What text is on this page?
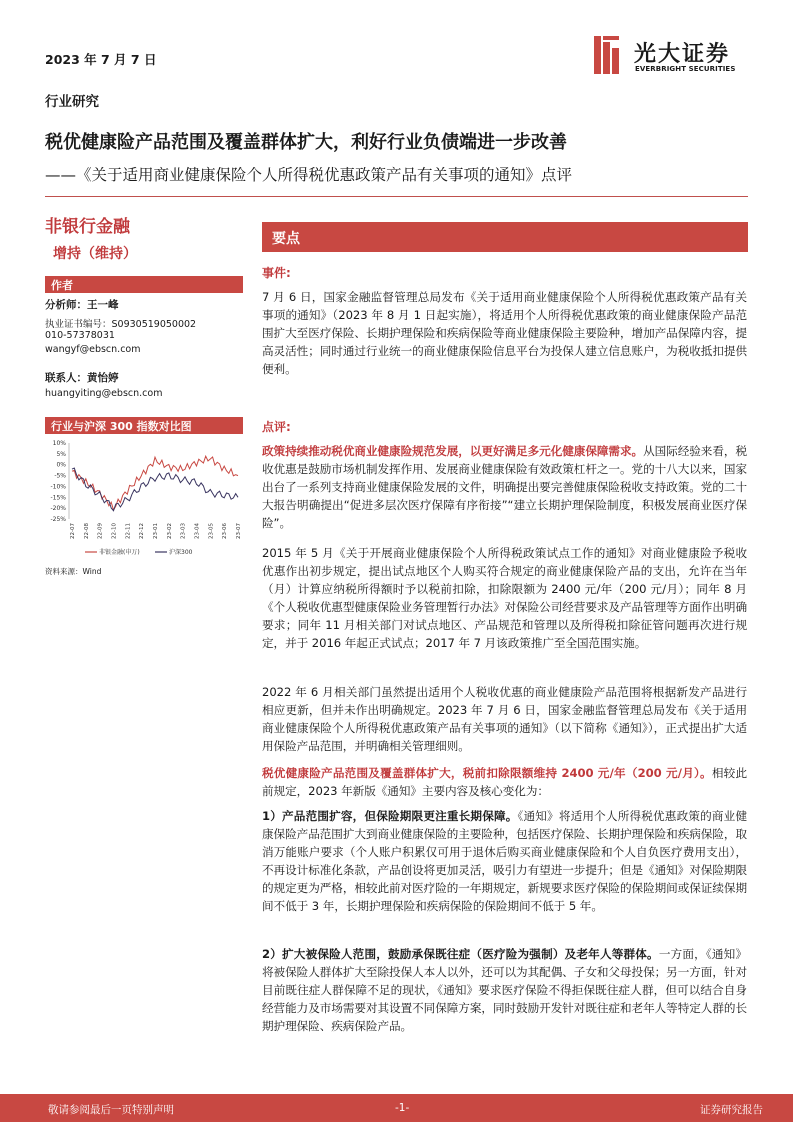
2023 年 7 月 7 日	光大证券
EVERBRIGHT SECURITIES
行业研究
税优健康险产品范围及覆盖群体扩大，利好行业负债端进一步改善
——《关于适用商业健康保险个人所得税优惠政策产品有关事项的通知》点评
非银行金融
增持（维持）
作者
分析师：王一峰
执业证书编号：S0930519050002
010-57378031
wangyf@ebscn.com
联系人：黄怡婷
huangyiting@ebscn.com
行业与沪深 300 指数对比图
10%
5%
0%
-5%
-10%
-15%
-20%
-25%
22-07 22-08 22-09 22-10 22-11 22-12 23-01 23-02 23-03 23-04 23-05 23-06 23-07
非银金融(申万)	沪深300
资料来源：Wind
要点
事件:
7 月 6 日，国家金融监督管理总局发布《关于适用商业健康保险个人所得税优惠政策产品有关事项的通知》（2023 年 8 月 1 日起实施），将适用个人所得税优惠政策的商业健康保险产品范围扩大至医疗保险、长期护理保险和疾病保险等商业健康保险主要险种，增加产品保障内容，提高灵活性；同时通过行业统一的商业健康保险信息平台为投保人建立信息账户，为税收抵扣提供便利。
点评:
政策持续推动税优商业健康险规范发展，以更好满足多元化健康保障需求。从国际经验来看，税收优惠是鼓励市场机制发挥作用、发展商业健康保险有效政策杠杆之一。党的十八大以来，国家出台了一系列支持商业健康保险发展的文件，明确提出要完善健康保险税收支持政策。党的二十大报告明确提出“促进多层次医疗保障有序衔接”“建立长期护理保险制度，积极发展商业医疗保险”。
2015 年 5 月《关于开展商业健康保险个人所得税政策试点工作的通知》对商业健康险予税收优惠作出初步规定，提出试点地区个人购买符合规定的商业健康保险产品的支出，允许在当年（月）计算应纳税所得额时予以税前扣除，扣除限额为 2400 元/年（200 元/月）；同年 8 月《个人税收优惠型健康保险业务管理暂行办法》对保险公司经营要求及产品管理等方面作出明确要求；同年 11 月相关部门对试点地区、产品规范和管理以及所得税扣除征管问题再次进行规定，并于 2016 年起正式试点；2017 年 7 月该政策推广至全国范围实施。
2022 年 6 月相关部门虽然提出适用个人税收优惠的商业健康险产品范围将根据新发产品进行相应更新，但并未作出明确规定。2023 年 7 月 6 日，国家金融监督管理总局发布《关于适用商业健康保险个人所得税优惠政策产品有关事项的通知》（以下简称《通知》），正式提出扩大适用保险产品范围，并明确相关管理细则。
税优健康险产品范围及覆盖群体扩大，税前扣除限额维持 2400 元/年（200 元/月）。相较此前规定，2023 年新版《通知》主要内容及核心变化为：
1）产品范围扩容，但保险期限更注重长期保障。《通知》将适用个人所得税优惠政策的商业健康保险产品范围扩大到商业健康保险的主要险种，包括医疗保险、长期护理保险和疾病保险，取消万能账户要求（个人账户积累仅可用于退休后购买商业健康保险和个人自负医疗费用支出），不再设计标准化条款，产品创设将更加灵活，吸引力有望进一步提升；但是《通知》对保险期限的规定更为严格，相较此前对医疗险的一年期规定，新规要求医疗保险的保险期间或保证续保期间不低于 3 年，长期护理保险和疾病保险的保险期间不低于 5 年。
2）扩大被保险人范围，鼓励承保既往症（医疗险为强制）及老年人等群体。一方面，《通知》将被保险人群体扩大至除投保人本人以外，还可以为其配偶、子女和父母投保；另一方面，针对目前既往症人群保障不足的现状，《通知》要求医疗保险不得拒保既往症人群，但可以结合自身经营能力及市场需要对其设置不同保障方案，同时鼓励开发针对既往症和老年人等特定人群的长期护理保险、疾病保险产品。
敬请参阅最后一页特别声明	-1-	证券研究报告
